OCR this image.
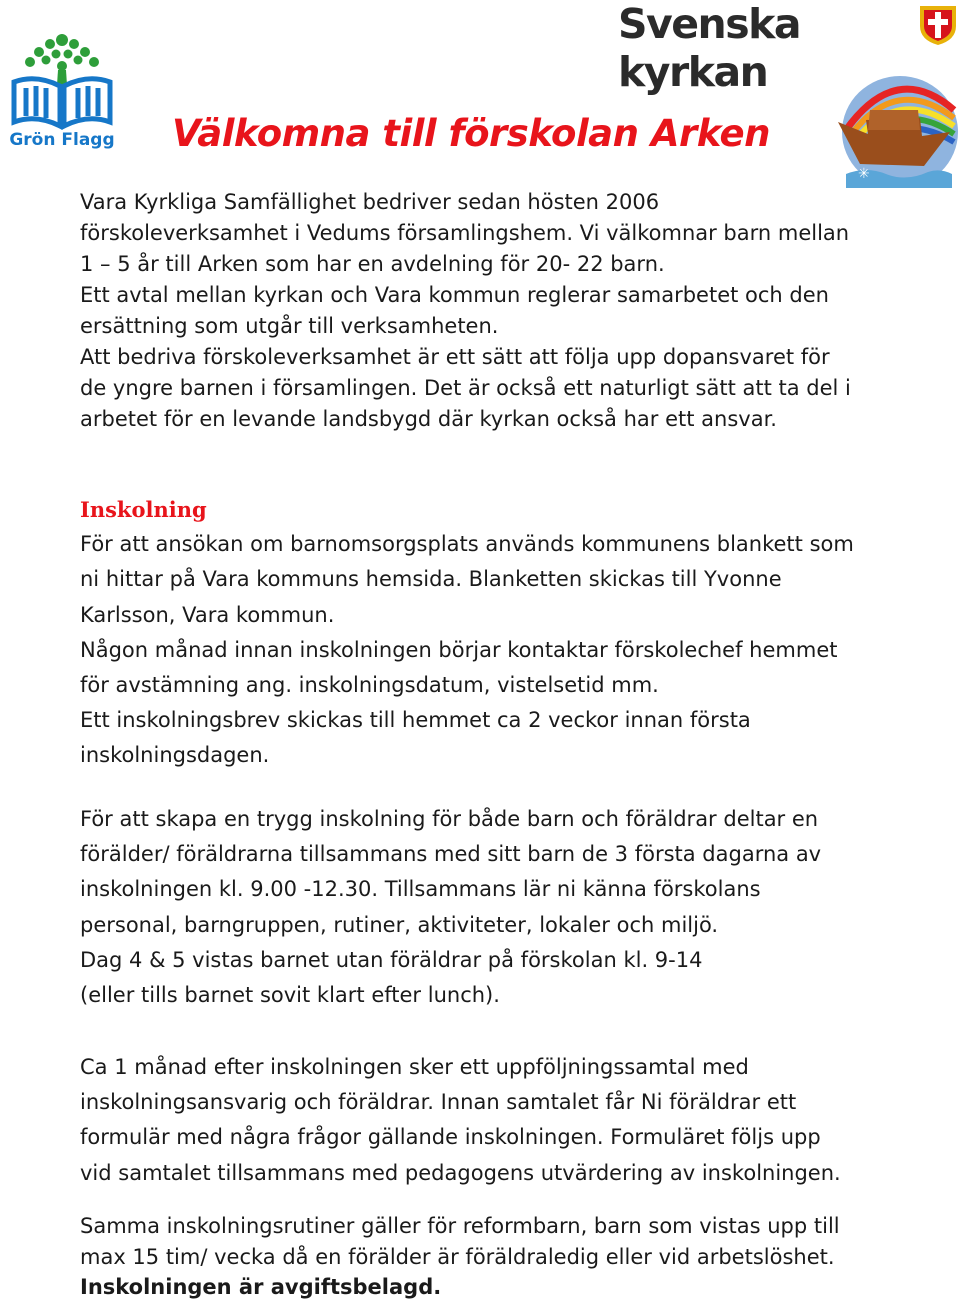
Grön Flagg
Svenska kyrkan	✳
✳
Välkomna till förskolan Arken
Vara Kyrkliga Samfällighet bedriver sedan hösten 2006
förskoleverksamhet i Vedums församlingshem. Vi välkomnar barn mellan
1 – 5 år till Arken som har en avdelning för 20- 22 barn.
Ett avtal mellan kyrkan och Vara kommun reglerar samarbetet och den
ersättning som utgår till verksamheten.
Att bedriva förskoleverksamhet är ett sätt att följa upp dopansvaret för
de yngre barnen i församlingen. Det är också ett naturligt sätt att ta del i
arbetet för en levande landsbygd där kyrkan också har ett ansvar.
Inskolning
För att ansökan om barnomsorgsplats används kommunens blankett som
ni hittar på Vara kommuns hemsida. Blanketten skickas till Yvonne
Karlsson, Vara kommun.
Någon månad innan inskolningen börjar kontaktar förskolechef hemmet
för avstämning ang. inskolningsdatum, vistelsetid mm.
Ett inskolningsbrev skickas till hemmet ca 2 veckor innan första
inskolningsdagen.
För att skapa en trygg inskolning för både barn och föräldrar deltar en
förälder/ föräldrarna tillsammans med sitt barn de 3 första dagarna av
inskolningen kl. 9.00 -12.30. Tillsammans lär ni känna förskolans
personal, barngruppen, rutiner, aktiviteter, lokaler och miljö.
Dag 4 & 5 vistas barnet utan föräldrar på förskolan kl. 9-14
(eller tills barnet sovit klart efter lunch).
Ca 1 månad efter inskolningen sker ett uppföljningssamtal med
inskolningsansvarig och föräldrar. Innan samtalet får Ni föräldrar ett
formulär med några frågor gällande inskolningen. Formuläret följs upp
vid samtalet tillsammans med pedagogens utvärdering av inskolningen.
Samma inskolningsrutiner gäller för reformbarn, barn som vistas upp till
max 15 tim/ vecka då en förälder är föräldraledig eller vid arbetslöshet.
Inskolningen är avgiftsbelagd.
